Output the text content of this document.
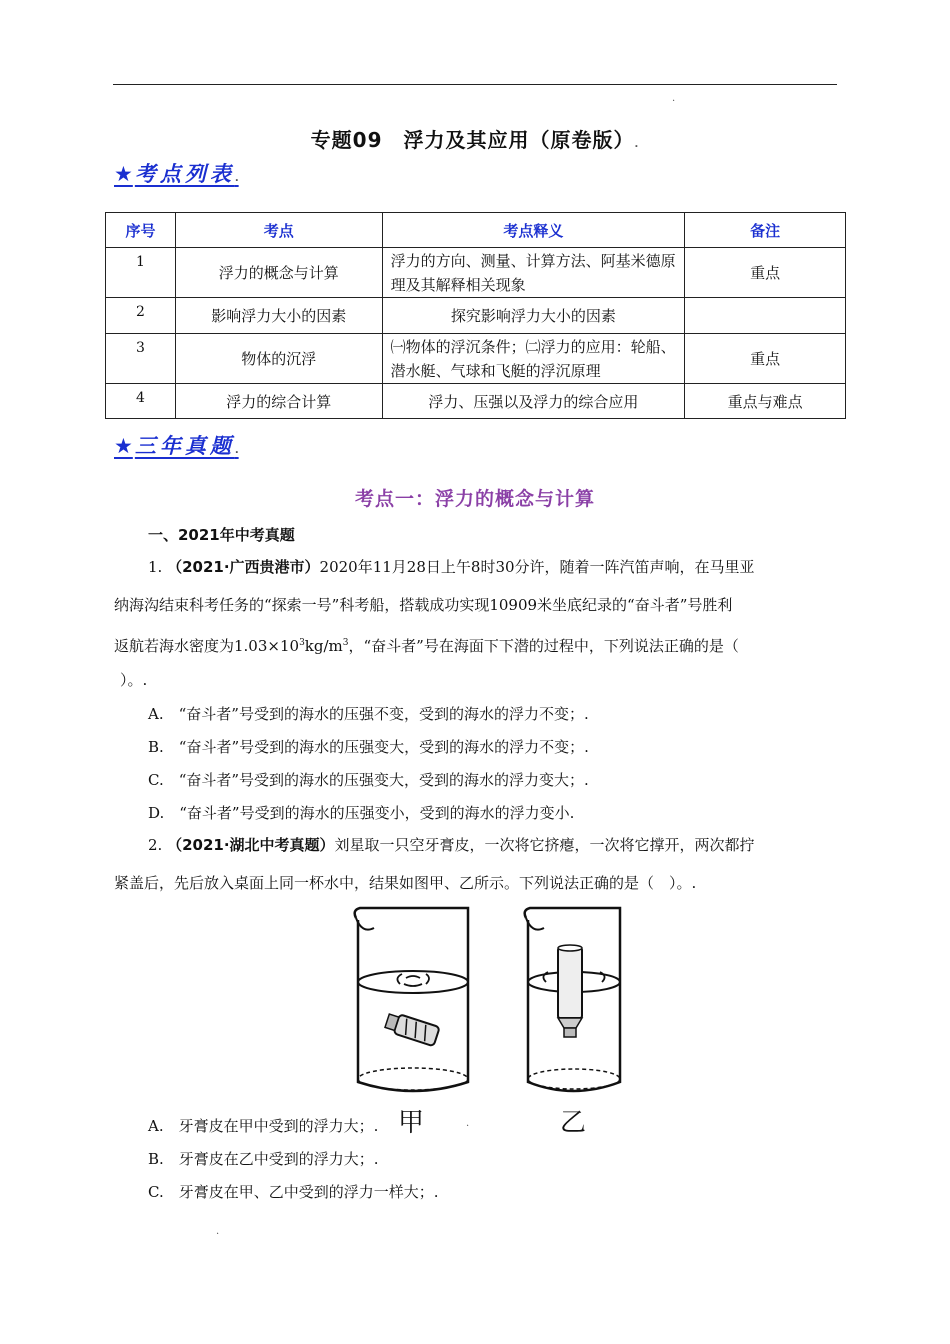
.
专题09　浮力及其应用（原卷版）.
★考点列表.
序号	考点	考点释义	备注
1	浮力的概念与计算	浮力的方向、测量、计算方法、阿基米德原理及其解释相关现象	重点
2	影响浮力大小的因素	探究影响浮力大小的因素	
3	物体的沉浮	㈠物体的浮沉条件；㈡浮力的应用：轮船、潜水艇、气球和飞艇的浮沉原理	重点
4	浮力的综合计算	浮力、压强以及浮力的综合应用	重点与难点
★三年真题.
考点一：浮力的概念与计算
一、2021年中考真题
1. （2021·广西贵港市）2020年11月28日上午8时30分许，随着一阵汽笛声响，在马里亚
纳海沟结束科考任务的“探索一号”科考船，搭载成功实现10909米坐底纪录的“奋斗者”号胜利
返航若海水密度为$1.03\times 10^3kg/m^3$，“奋斗者”号在海面下下潜的过程中，下列说法正确的是（
）。.
A.　“奋斗者”号受到的海水的压强不变，受到的海水的浮力不变；.
B.　“奋斗者”号受到的海水的压强变大，受到的海水的浮力不变；.
C.　“奋斗者”号受到的海水的压强变大，受到的海水的浮力变大；.
D.　“奋斗者”号受到的海水的压强变小，受到的海水的浮力变小.
2. （2021·湖北中考真题）刘星取一只空牙膏皮，一次将它挤瘪，一次将它撑开，两次都拧
紧盖后，先后放入桌面上同一杯水中，结果如图甲、乙所示。下列说法正确的是（　）。.
甲	乙
.
A.　牙膏皮在甲中受到的浮力大；.
B.　牙膏皮在乙中受到的浮力大；.
C.　牙膏皮在甲、乙中受到的浮力一样大；.
.
